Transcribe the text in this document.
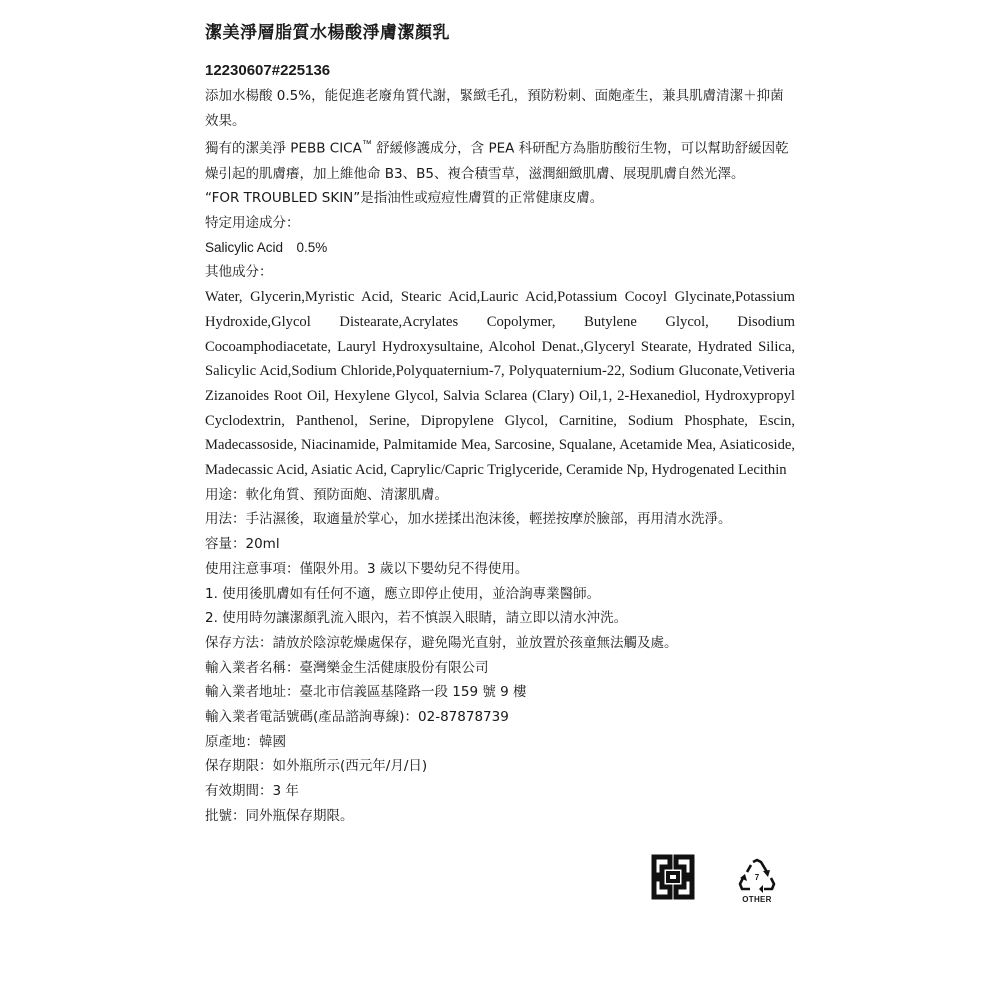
潔美淨層脂質水楊酸淨膚潔顏乳
12230607#225136
添加水楊酸 0.5%，能促進老廢角質代謝，緊緻毛孔，預防粉刺、面皰產生，兼具肌膚清潔＋抑菌效果。
獨有的潔美淨 PEBB CICA™ 舒緩修護成分，含 PEA 科研配方為脂肪酸衍生物，可以幫助舒緩因乾燥引起的肌膚癢，加上維他命 B3、B5、複合積雪草，滋潤細緻肌膚、展現肌膚自然光澤。
“FOR TROUBLED SKIN”是指油性或痘痘性膚質的正常健康皮膚。
特定用途成分：
Salicylic Acid　0.5%
其他成分：
Water, Glycerin,Myristic Acid, Stearic Acid,Lauric Acid,Potassium Cocoyl Glycinate,Potassium Hydroxide,Glycol Distearate,Acrylates Copolymer, Butylene Glycol, Disodium Cocoamphodiacetate, Lauryl Hydroxysultaine, Alcohol Denat.,Glyceryl Stearate, Hydrated Silica, Salicylic Acid,Sodium Chloride,Polyquaternium-7, Polyquaternium-22, Sodium Gluconate,Vetiveria Zizanoides Root Oil, Hexylene Glycol, Salvia Sclarea (Clary) Oil,1, 2-Hexanediol, Hydroxypropyl Cyclodextrin, Panthenol, Serine, Dipropylene Glycol, Carnitine, Sodium Phosphate, Escin, Madecassoside, Niacinamide, Palmitamide Mea, Sarcosine, Squalane, Acetamide Mea, Asiaticoside, Madecassic Acid, Asiatic Acid, Caprylic/Capric Triglyceride, Ceramide Np, Hydrogenated Lecithin
用途：軟化角質、預防面皰、清潔肌膚。
用法：手沾濕後，取適量於掌心，加水搓揉出泡沫後，輕搓按摩於臉部，再用清水洗淨。
容量：20ml
使用注意事項：僅限外用。3 歲以下嬰幼兒不得使用。
1. 使用後肌膚如有任何不適，應立即停止使用，並洽詢專業醫師。
2. 使用時勿讓潔顏乳流入眼內，若不慎誤入眼睛，請立即以清水沖洗。
保存方法：請放於陰涼乾燥處保存，避免陽光直射，並放置於孩童無法觸及處。
輸入業者名稱：臺灣樂金生活健康股份有限公司
輸入業者地址：臺北市信義區基隆路一段 159 號 9 樓
輸入業者電話號碼(產品諮詢專線)：02-87878739
原產地：韓國
保存期限：如外瓶所示(西元年/月/日)
有效期間：3 年
批號：同外瓶保存期限。
7
OTHER
